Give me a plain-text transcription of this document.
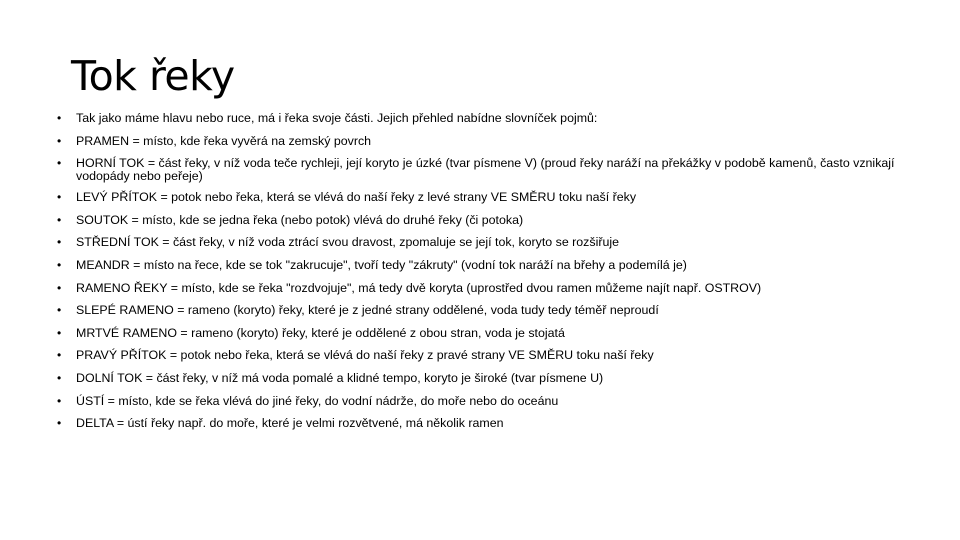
Tok řeky
• Tak jako máme hlavu nebo ruce, má i řeka svoje části. Jejich přehled nabídne slovníček pojmů:
• PRAMEN = místo, kde řeka vyvěrá na zemský povrch
• HORNÍ TOK = část řeky, v níž voda teče rychleji, její koryto je úzké (tvar písmene V) (proud řeky naráží na překážky v podobě kamenů, často vznikají vodopády nebo peřeje)
• LEVÝ PŘÍTOK = potok nebo řeka, která se vlévá do naší řeky z levé strany VE SMĚRU toku naší řeky
• SOUTOK = místo, kde se jedna řeka (nebo potok) vlévá do druhé řeky (či potoka)
• STŘEDNÍ TOK = část řeky, v níž voda ztrácí svou dravost, zpomaluje se její tok, koryto se rozšiřuje
• MEANDR = místo na řece, kde se tok "zakrucuje", tvoří tedy "zákruty" (vodní tok naráží na břehy a podemílá je)
• RAMENO ŘEKY = místo, kde se řeka "rozdvojuje", má tedy dvě koryta (uprostřed dvou ramen můžeme najít např. OSTROV)
• SLEPÉ RAMENO = rameno (koryto) řeky, které je z jedné strany oddělené, voda tudy tedy téměř neproudí
• MRTVÉ RAMENO = rameno (koryto) řeky, které je oddělené z obou stran, voda je stojatá
• PRAVÝ PŘÍTOK = potok nebo řeka, která se vlévá do naší řeky z pravé strany VE SMĚRU toku naší řeky
• DOLNÍ TOK = část řeky, v níž má voda pomalé a klidné tempo, koryto je široké (tvar písmene U)
• ÚSTÍ = místo, kde se řeka vlévá do jiné řeky, do vodní nádrže, do moře nebo do oceánu
• DELTA = ústí řeky např. do moře, které je velmi rozvětvené, má několik ramen
